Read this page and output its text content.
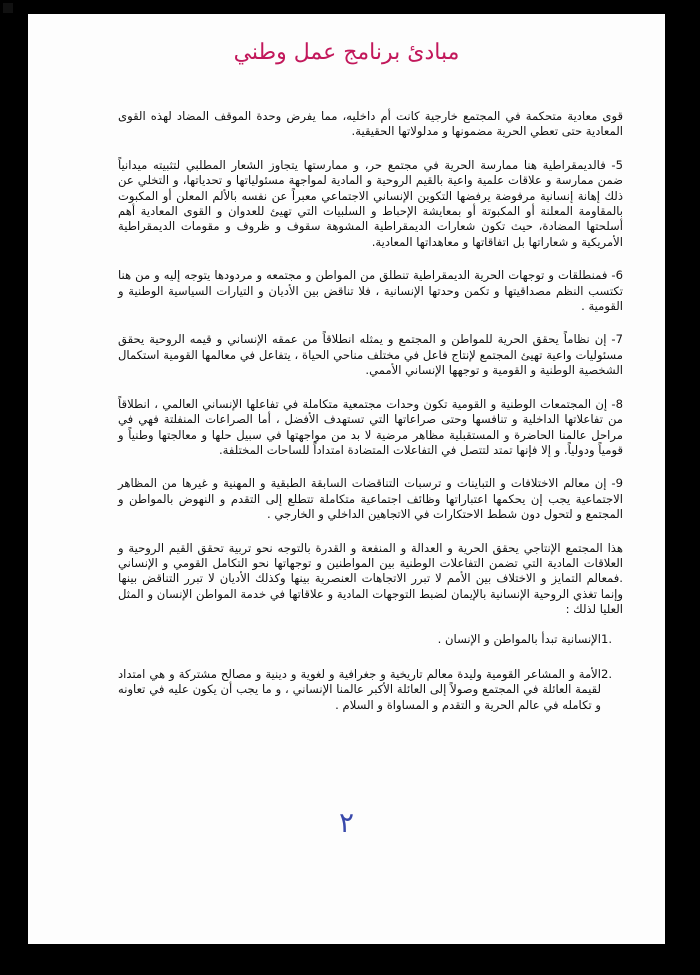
مبادئ برنامج عمل وطني

قوى معادية متحكمة في المجتمع خارجية كانت أم داخليه، مما يفرض وحدة الموقف المضاد لهذه القوى المعادية حتى تعطي الحرية مضمونها و مدلولاتها الحقيقية.

5- فالديمقراطية هنا ممارسة الحرية في مجتمع حر، و ممارستها يتجاوز الشعار المطلبي لتثبيته ميدانياً ضمن ممارسة و علاقات علمية واعية بالقيم الروحية و المادية لمواجهة مسئولياتها و تحدياتها، و التخلي عن ذلك إهانة إنسانية مرفوضة يرفضها التكوين الإنساني الاجتماعي معبراً عن نفسه بالألم المعلن أو المكبوت بالمقاومة المعلنة أو المكبوتة أو بمعايشة الإحباط و السلبيات التي تهيئ للعدوان و القوى المعادية أهم أسلحتها المضادة، حيث تكون شعارات الديمقراطية المشوهة سقوف و ظروف و مقومات الديمقراطية الأمريكية و شعاراتها بل اتفاقاتها و معاهداتها المعادية.

6- فمنطلقات و توجهات الحرية الديمقراطية تنطلق من المواطن و مجتمعه و مردودها يتوجه إليه و من هنا تكتسب النظم مصداقيتها و تكمن وحدتها الإنسانية ، فلا تناقض بين الأديان و التيارات السياسية الوطنية و القومية .

7- إن نظاماً يحقق الحرية للمواطن و المجتمع و يمثله انطلاقاً من عمقه الإنساني و قيمه الروحية يحقق مسئوليات واعية تهيئ المجتمع لإنتاج فاعل في مختلف مناحي الحياة ، يتفاعل في معالمها القومية استكمال الشخصية الوطنية و القومية و توجهها الإنساني الأممي.

8- إن المجتمعات الوطنية و القومية تكون وحدات مجتمعية متكاملة في تفاعلها الإنساني العالمي ، انطلاقاً من تفاعلاتها الداخلية و تنافسها وحتى صراعاتها التي تستهدف الأفضل ، أما الصراعات المنفلتة فهي في مراحل عالمنا الحاضرة و المستقبلية مظاهر مرضية لا بد من مواجهتها في سبيل حلها و معالجتها وطنياً و قومياً ودولياً. و إلا فإنها تمتد لتتصل في التفاعلات المتضادة امتداداً للساحات المختلفة.

9- إن معالم الاختلافات و التباينات و ترسبات التناقضات السابقة الطبقية و المهنية و غيرها من المظاهر الاجتماعية يجب إن يحكمها اعتباراتها وظائف اجتماعية متكاملة تتطلع إلى التقدم و النهوض بالمواطن و المجتمع و لتحول دون شطط الاحتكارات في الاتجاهين الداخلي و الخارجي .

هذا المجتمع الإنتاجي يحقق الحرية و العدالة و المنفعة و القدرة بالتوجه نحو تربية تحقق القيم الروحية و العلاقات المادية التي تضمن التفاعلات الوطنية بين المواطنين و توجهاتها نحو التكامل القومي و الإنساني .فمعالم التمايز و الاختلاف بين الأمم لا تبرر الاتجاهات العنصرية بينها وكذلك الأديان لا تبرر التناقض بينها وإنما تغذي الروحية الإنسانية بالإيمان لضبط التوجهات المادية و علاقاتها في خدمة المواطن الإنسان و المثل العليا لذلك :

1.
الإنسانية تبدأ بالمواطن و الإنسان .
2.
الأمة و المشاعر القومية وليدة معالم تاريخية و جغرافية و لغوية و دينية و مصالح مشتركة و هي امتداد لقيمة العائلة في المجتمع وصولاً إلى العائلة الأكبر عالمنا الإنساني ، و ما يجب أن يكون عليه في تعاونه و تكامله في عالم الحرية و التقدم و المساواة و السلام .
٢
